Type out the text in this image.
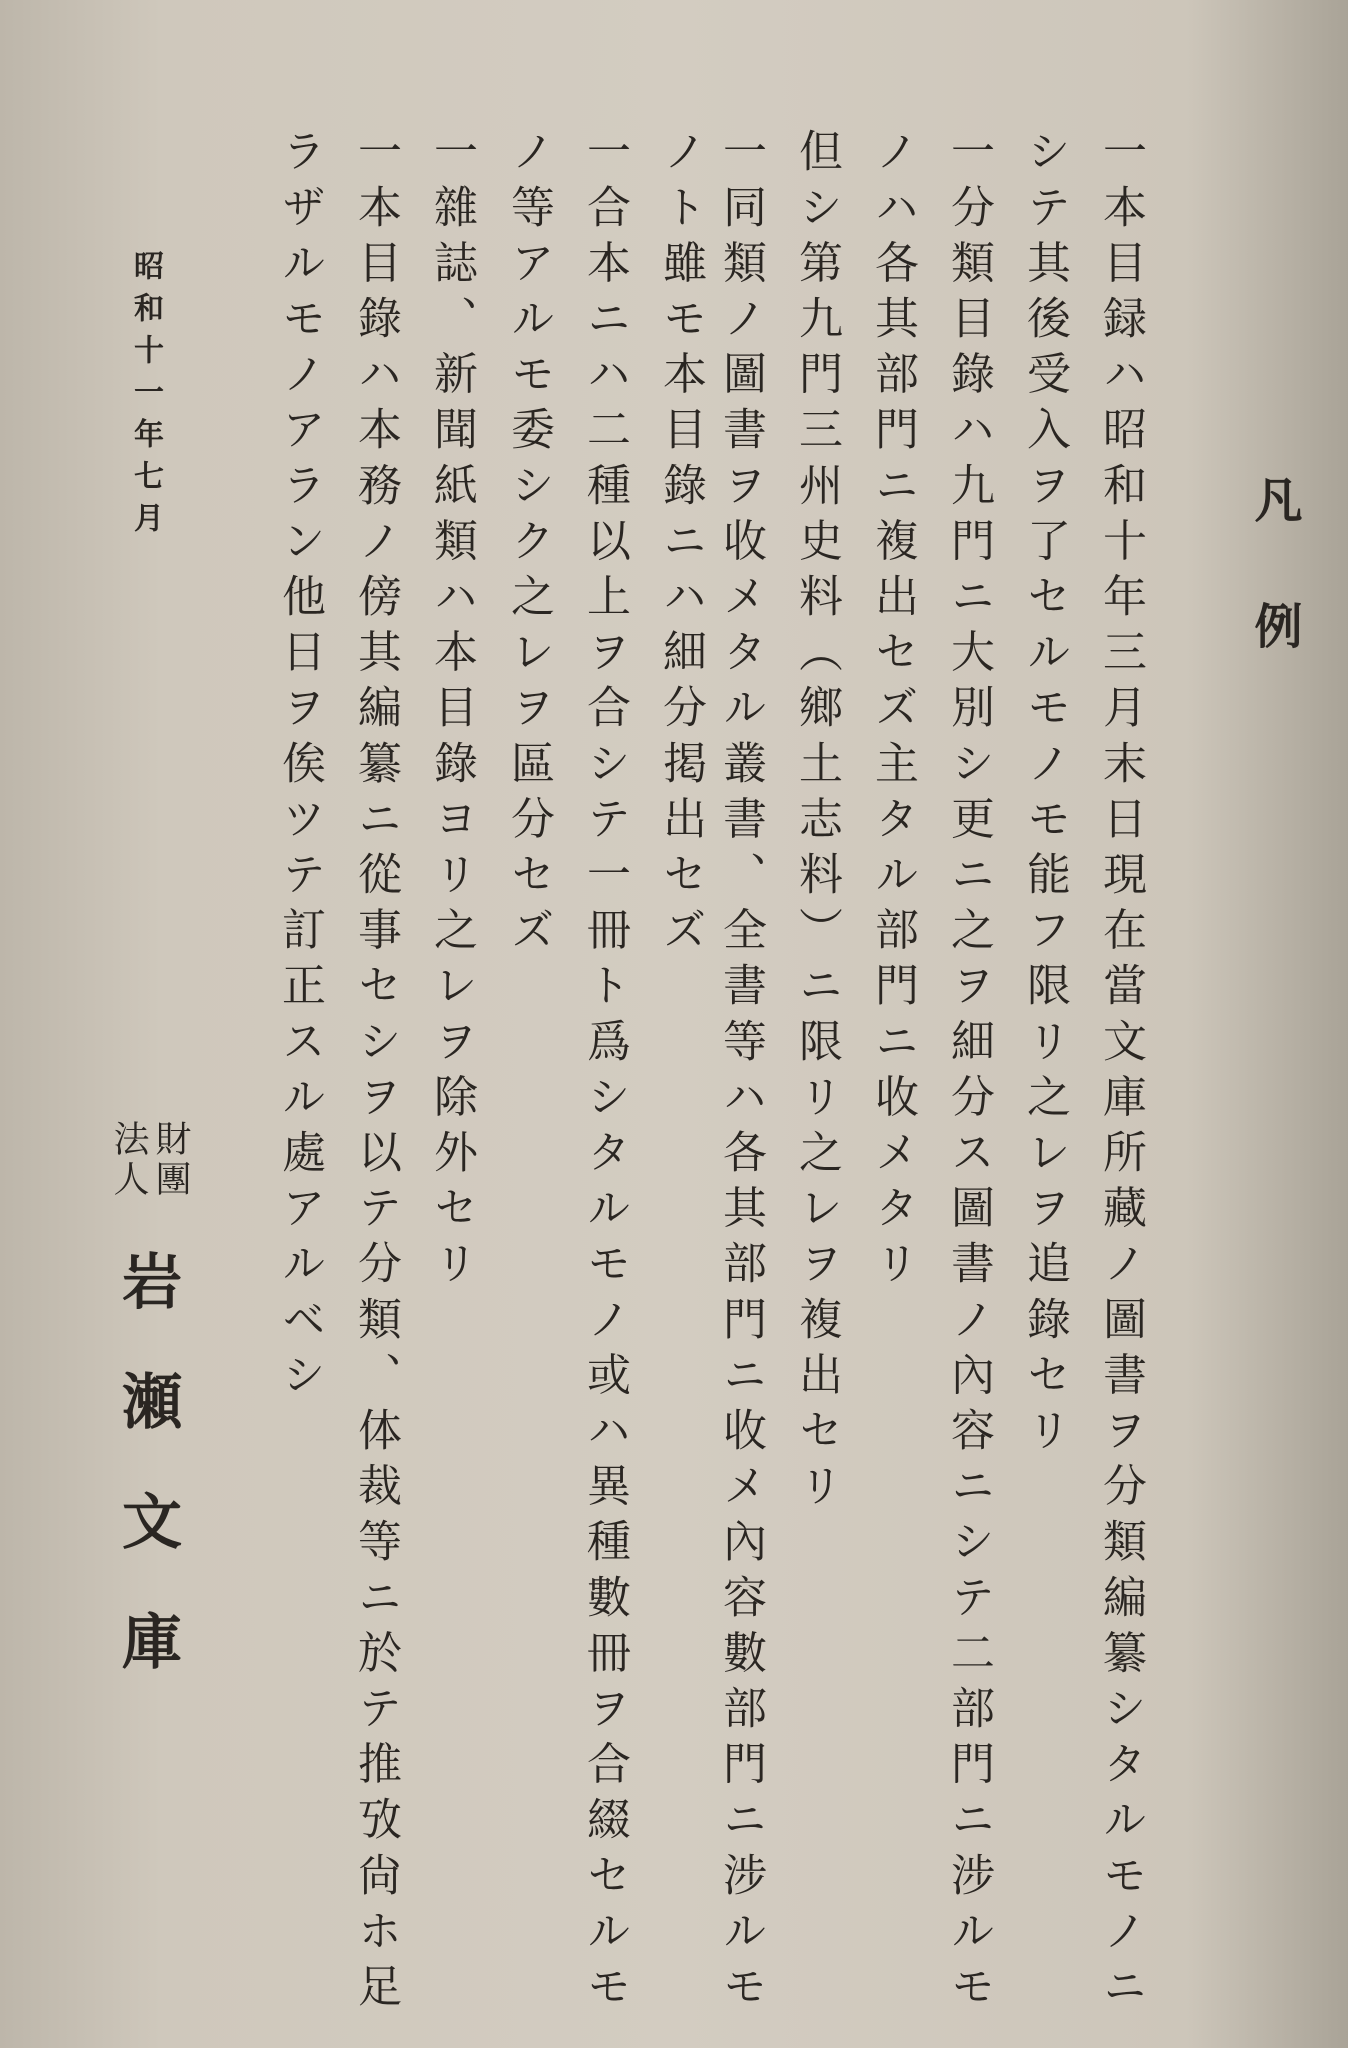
凡例
一本目録ハ昭和十年三月末日現在當文庫所藏ノ圖書ヲ分類編纂シタルモノニ
シテ其後受入ヲ了セルモノモ能フ限リ之レヲ追錄セリ
一分類目錄ハ九門ニ大別シ更ニ之ヲ細分ス圖書ノ內容ニシテ二部門ニ涉ルモ
ノハ各其部門ニ複出セズ主タル部門ニ收メタリ
但シ第九門三州史料（鄉土志料）ニ限リ之レヲ複出セリ
一同類ノ圖書ヲ收メタル叢書、全書等ハ各其部門ニ收メ內容數部門ニ涉ルモ
ノト雖モ本目錄ニハ細分掲出セズ
一合本ニハ二種以上ヲ合シテ一冊ト爲シタルモノ或ハ異種數冊ヲ合綴セルモ
ノ等アルモ委シク之レヲ區分セズ
一雜誌、新聞紙類ハ本目錄ヨリ之レヲ除外セリ
一本目錄ハ本務ノ傍其編纂ニ從事セシヲ以テ分類、体裁等ニ於テ推攷尙ホ足
ラザルモノアラン他日ヲ俟ツテ訂正スル處アルベシ
昭和十一年七月
財團
法人
岩瀬文庫
